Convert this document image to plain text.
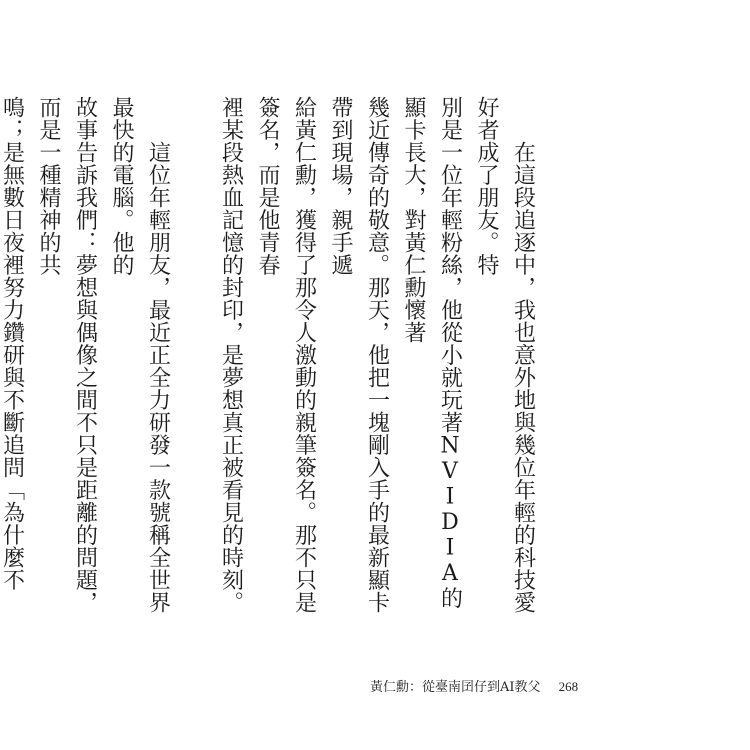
　　在這段追逐中，我也意外地與幾位年輕的科技愛好者成了朋友。特
別是一位年輕粉絲，他從小就玩著NVIDIA的顯卡長大，對黃仁勳懷著
幾近傳奇的敬意。那天，他把一塊剛入手的最新顯卡帶到現場，親手遞
給黃仁勳，獲得了那令人激動的親筆簽名。那不只是簽名，而是他青春
裡某段熱血記憶的封印，是夢想真正被看見的時刻。

　　這位年輕朋友，最近正全力研發一款號稱全世界最快的電腦。他的
故事告訴我們：夢想與偶像之間不只是距離的問題，而是一種精神的共
鳴；是無數日夜裡努力鑽研與不斷追問「為什麼不

黃仁勳：從臺南囝仔到AI教父 268
